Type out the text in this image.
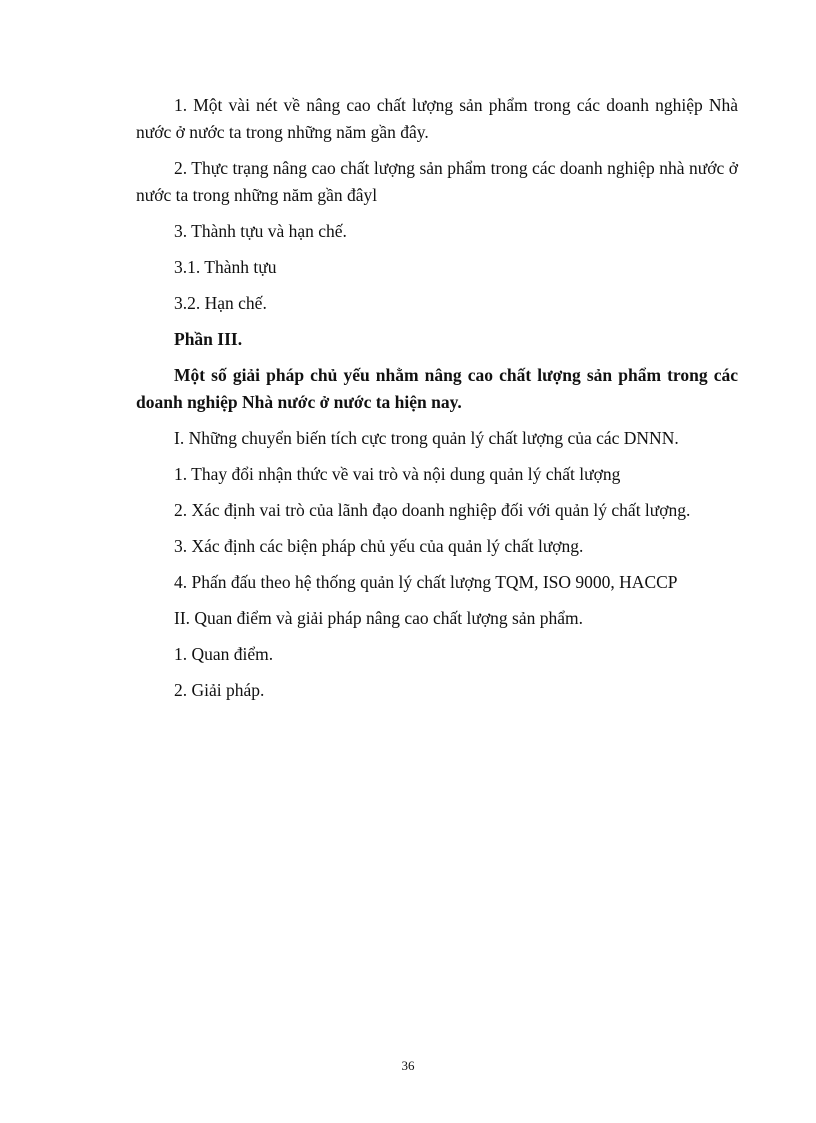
1. Một vài nét về nâng cao chất lượng sản phẩm trong các doanh nghiệp Nhà nước ở nước ta trong những năm gần đây.

2. Thực trạng nâng cao chất lượng sản phẩm trong các doanh nghiệp nhà nước ở nước ta trong những năm gần đâyl

3. Thành tựu và hạn chế.

3.1. Thành tựu

3.2. Hạn chế.

Phần III.

Một số giải pháp chủ yếu nhằm nâng cao chất lượng sản phẩm trong các doanh nghiệp Nhà nước ở nước ta hiện nay.

I. Những chuyển biến tích cực trong quản lý chất lượng của các DNNN.

1. Thay đổi nhận thức về vai trò và nội dung quản lý chất lượng

2. Xác định vai trò của lãnh đạo doanh nghiệp đối với quản lý chất lượng.

3. Xác định các biện pháp chủ yếu của quản lý chất lượng.

4. Phấn đấu theo hệ thống quản lý chất lượng TQM, ISO 9000, HACCP

II. Quan điểm và giải pháp nâng cao chất lượng sản phẩm.

1. Quan điểm.

2. Giải pháp.

36
